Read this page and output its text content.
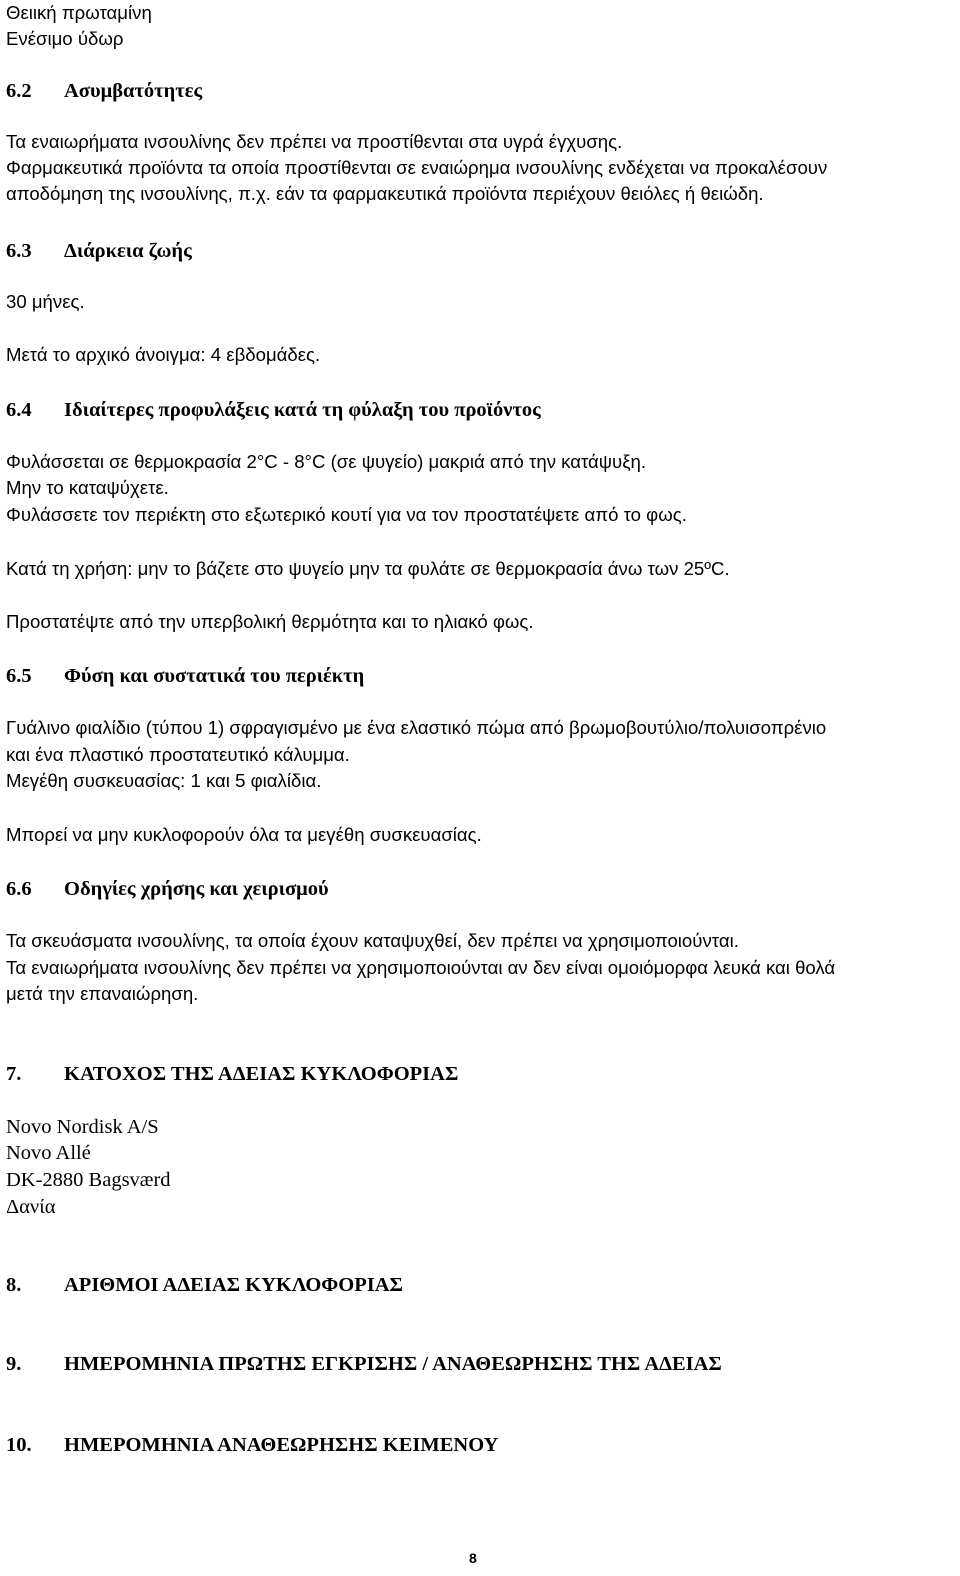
Θειική πρωταμίνη
Ενέσιμο ύδωρ
6.2 Ασυμβατότητες
Τα εναιωρήματα ινσουλίνης δεν πρέπει να προστίθενται στα υγρά έγχυσης.
Φαρμακευτικά προϊόντα τα οποία προστίθενται σε εναιώρημα ινσουλίνης ενδέχεται να προκαλέσουν
αποδόμηση της ινσουλίνης, π.χ. εάν τα φαρμακευτικά προϊόντα περιέχουν θειόλες ή θειώδη.
6.3 Διάρκεια ζωής
30 μήνες.
Μετά το αρχικό άνοιγμα: 4 εβδομάδες.
6.4 Ιδιαίτερες προφυλάξεις κατά τη φύλαξη του προϊόντος
Φυλάσσεται σε θερμοκρασία 2°C - 8°C (σε ψυγείο) μακριά από την κατάψυξη.
Μην το καταψύχετε.
Φυλάσσετε τον περιέκτη στο εξωτερικό κουτί για να τον προστατέψετε από το φως.
Κατά τη χρήση: μην το βάζετε στο ψυγείο μην τα φυλάτε σε θερμοκρασία άνω των 25ºC.
Προστατέψτε από την υπερβολική θερμότητα και το ηλιακό φως.
6.5 Φύση και συστατικά του περιέκτη
Γυάλινο φιαλίδιο (τύπου 1) σφραγισμένο με ένα ελαστικό πώμα από βρωμοβουτύλιο/πολυισοπρένιο
και ένα πλαστικό προστατευτικό κάλυμμα.
Μεγέθη συσκευασίας: 1 και 5 φιαλίδια.
Μπορεί να μην κυκλοφορούν όλα τα μεγέθη συσκευασίας.
6.6 Οδηγίες χρήσης και χειρισμού
Τα σκευάσματα ινσουλίνης, τα οποία έχουν καταψυχθεί, δεν πρέπει να χρησιμοποιούνται.
Τα εναιωρήματα ινσουλίνης δεν πρέπει να χρησιμοποιούνται αν δεν είναι ομοιόμορφα λευκά και θολά
μετά την επαναιώρηση.
7. ΚΑΤΟΧΟΣ ΤΗΣ ΑΔΕΙΑΣ ΚΥΚΛΟΦΟΡΙΑΣ
Novo Nordisk A/S
Novo Allé
DK-2880 Bagsværd
Δανία
8. ΑΡΙΘΜΟΙ ΑΔΕΙΑΣ ΚΥΚΛΟΦΟΡΙΑΣ
9. ΗΜΕΡΟΜΗΝΙΑ ΠΡΩΤΗΣ ΕΓΚΡΙΣΗΣ / ΑΝΑΘΕΩΡΗΣΗΣ ΤΗΣ ΑΔΕΙΑΣ
10. ΗΜΕΡΟΜΗΝΙΑ ΑΝΑΘΕΩΡΗΣΗΣ ΚΕΙΜΕΝΟΥ
8
